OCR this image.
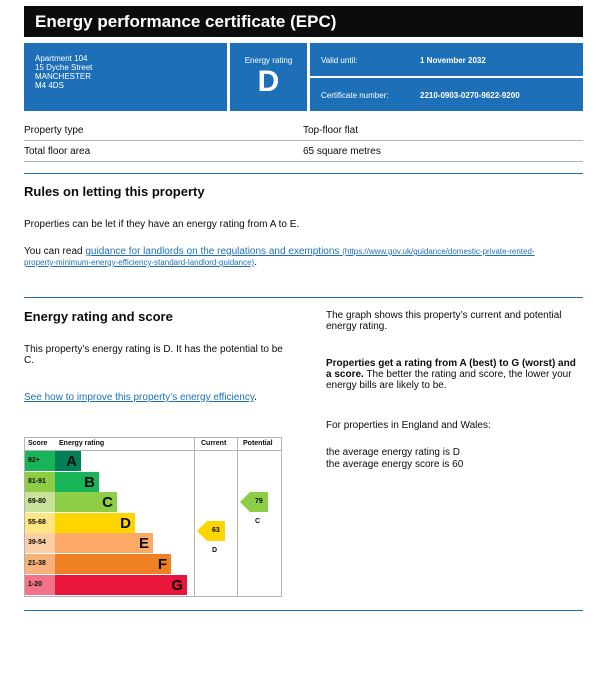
Energy performance certificate (EPC)
Apartment 104
15 Dyche Street
MANCHESTER
M4 4DS
Energy rating
D
Valid until:	1 November 2032
Certificate number:	2210-0903-0270-9622-9200
Property type	Top-floor flat
Total floor area	65 square metres
Rules on letting this property
Properties can be let if they have an energy rating from A to E.
You can read guidance for landlords on the regulations and exemptions (https://www.gov.uk/guidance/domestic-private-rented-property-minimum-energy-efficiency-standard-landlord-guidance).
Energy rating and score
This property’s energy rating is D. It has the potential to be C.
See how to improve this property’s energy efficiency.
The graph shows this property’s current and potential energy rating.
Properties get a rating from A (best) to G (worst) and a score. The better the rating and score, the lower your energy bills are likely to be.
For properties in England and Wales:
the average energy rating is D
the average energy score is 60
Score Energy rating	Current Potential
92+	A
81-91	B
69-80	C
55-68	D
39-54	E
21-38	F
1-20	G
63 D
79 C
